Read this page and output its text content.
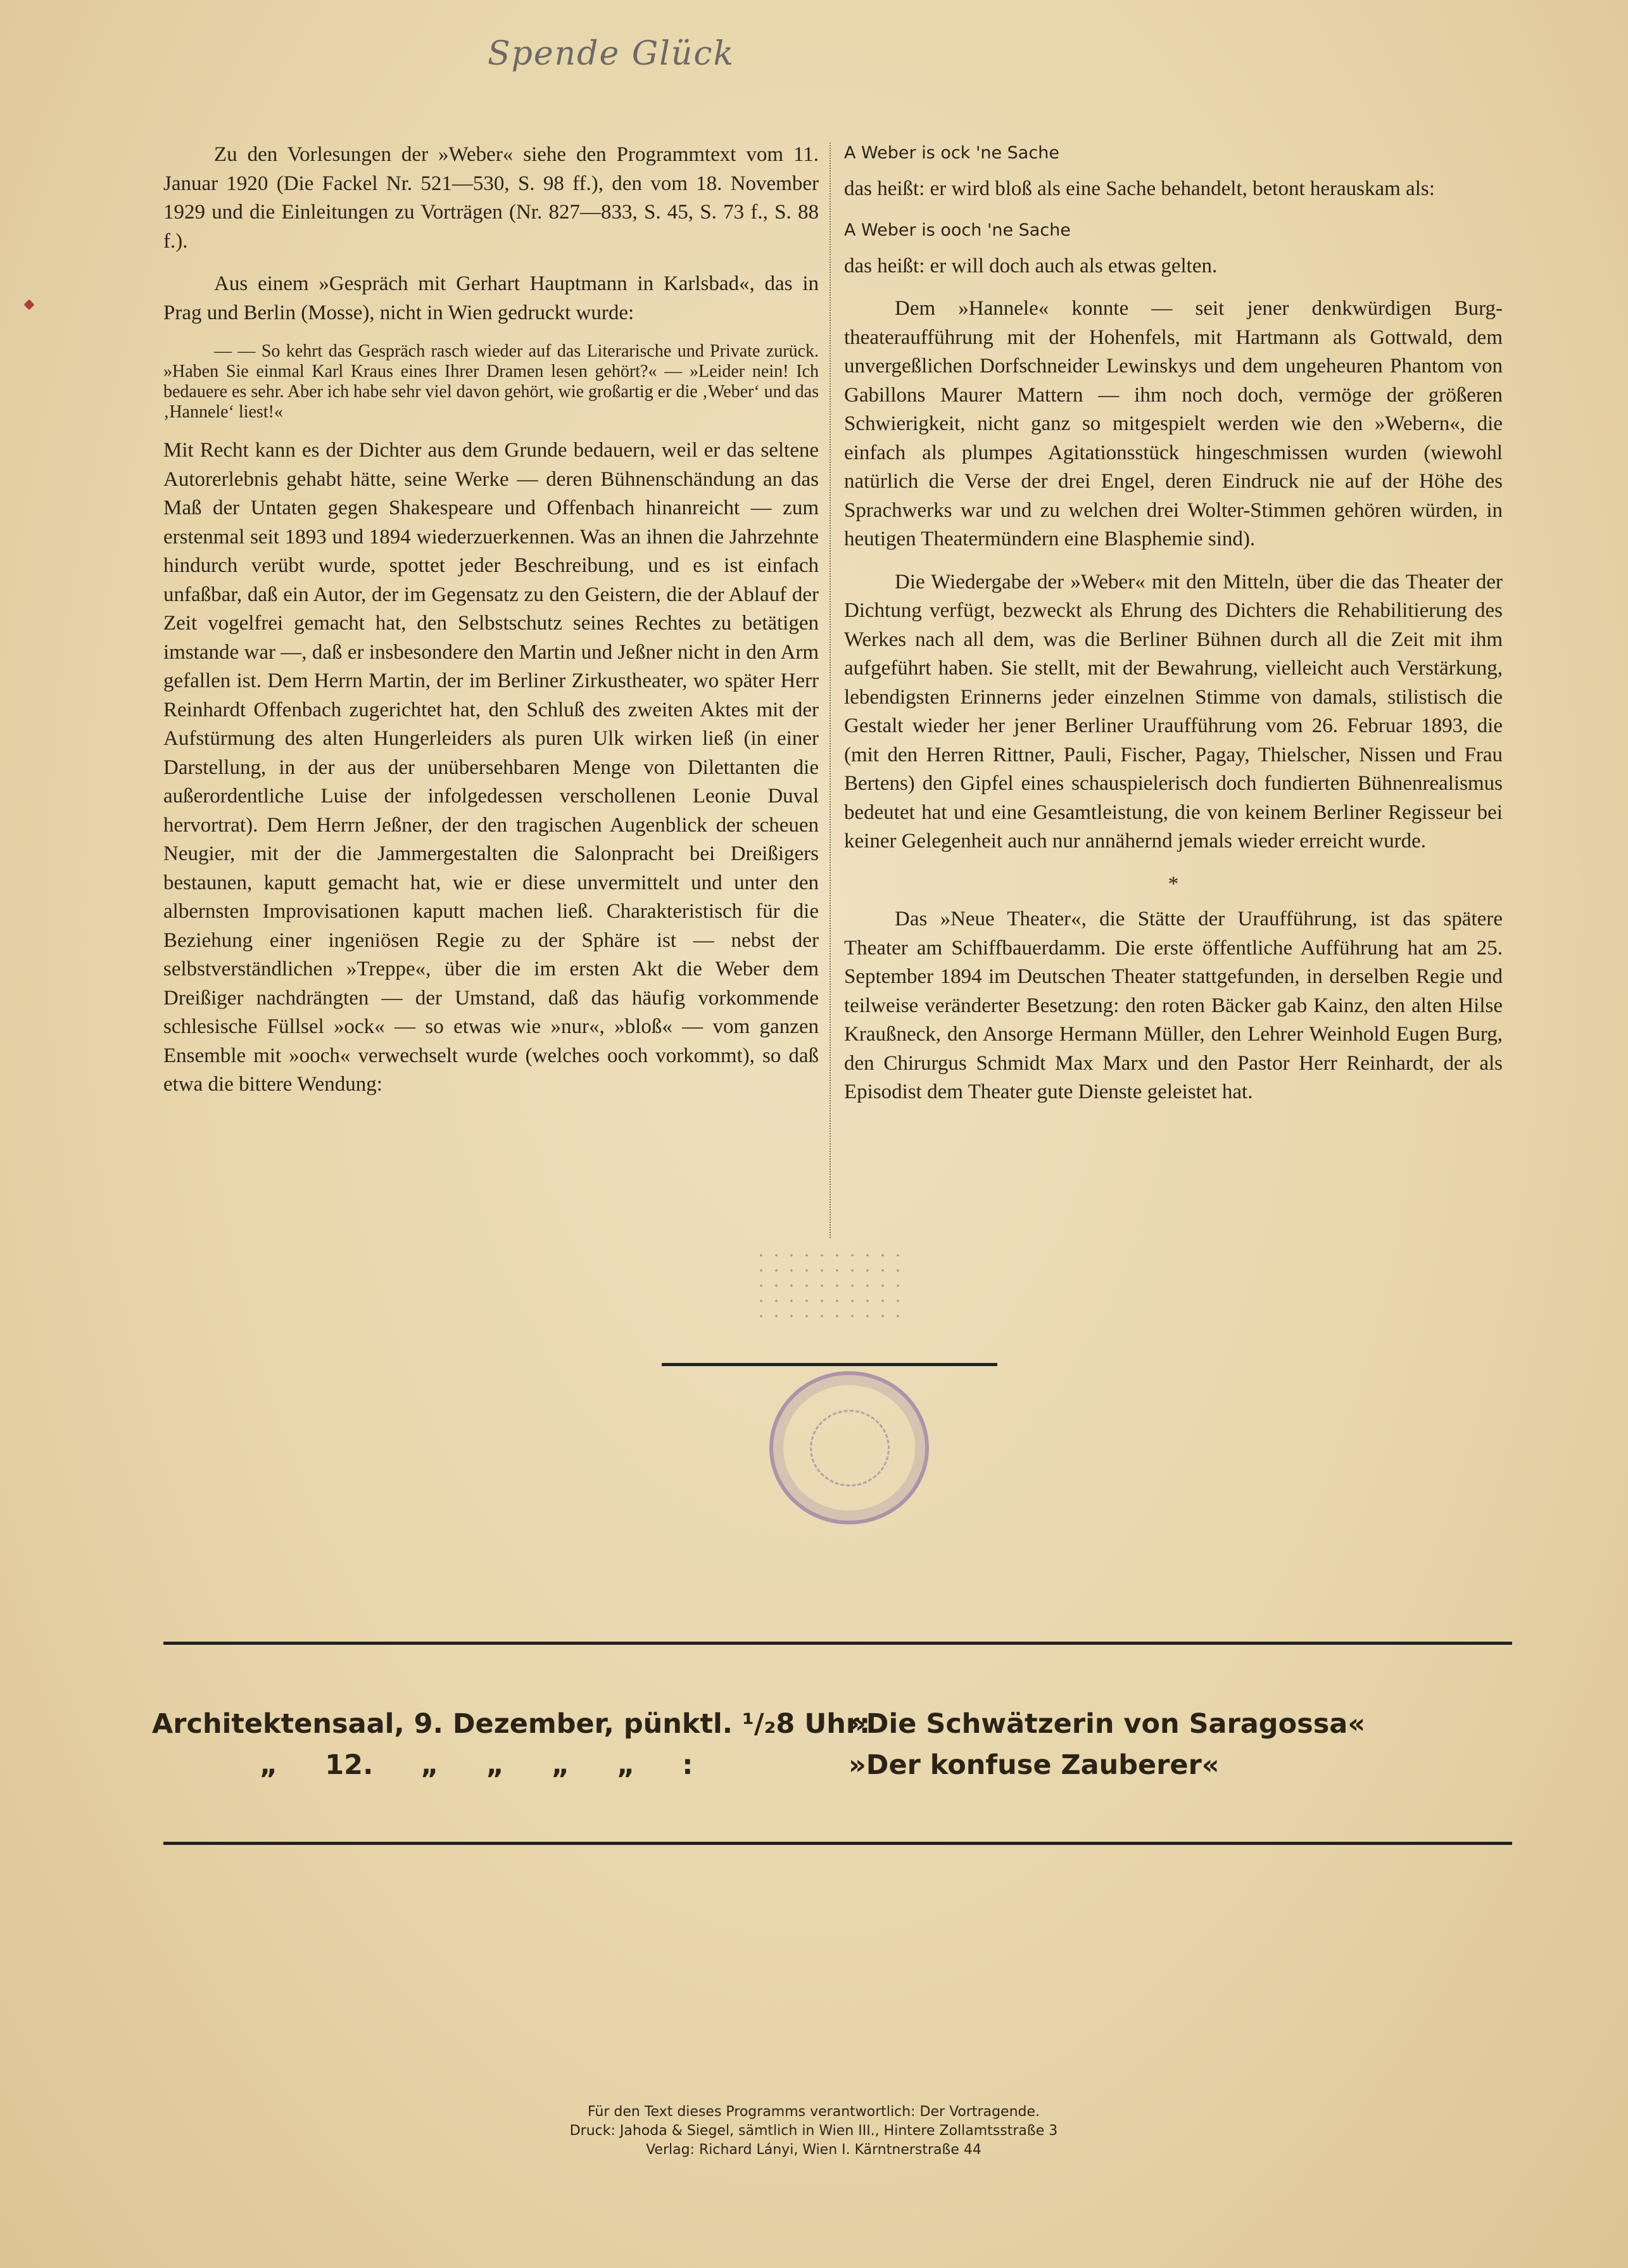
Spende Glück

Zu den Vorlesungen der »Weber« siehe den Programmtext vom 11. Januar 1920 (Die Fackel Nr. 521—530, S. 98 ff.), den vom 18. November 1929 und die Einleitungen zu Vorträgen (Nr. 827—833, S. 45, S. 73 f., S. 88 f.).

Aus einem »Gespräch mit Gerhart Hauptmann in Karlsbad«, das in Prag und Berlin (Mosse), nicht in Wien gedruckt wurde:

— — So kehrt das Gespräch rasch wieder auf das Literarische und Private zurück. »Haben Sie einmal Karl Kraus eines Ihrer Dramen lesen gehört?« — »Leider nein! Ich bedauere es sehr. Aber ich habe sehr viel davon gehört, wie großartig er die ‚Weber‘ und das ‚Hannele‘ liest!«

Mit Recht kann es der Dichter aus dem Grunde bedauern, weil er das seltene Autorerlebnis gehabt hätte, seine Werke — deren Bühnenschändung an das Maß der Untaten gegen Shakespeare und Offenbach hinanreicht — zum erstenmal seit 1893 und 1894 wiederzuerkennen. Was an ihnen die Jahrzehnte hindurch verübt wurde, spottet jeder Beschreibung, und es ist einfach unfaßbar, daß ein Autor, der im Gegensatz zu den Geistern, die der Ablauf der Zeit vogelfrei gemacht hat, den Selbstschutz seines Rechtes zu betätigen imstande war —, daß er insbesondere den Martin und Jeßner nicht in den Arm gefallen ist. Dem Herrn Martin, der im Berliner Zirkustheater, wo später Herr Reinhardt Offenbach zugerichtet hat, den Schluß des zweiten Aktes mit der Aufstürmung des alten Hungerleiders als puren Ulk wirken ließ (in einer Darstellung, in der aus der unübersehbaren Menge von Dilettanten die außerordentliche Luise der infolgedessen verschollenen Leonie Duval hervortrat). Dem Herrn Jeßner, der den tragischen Augenblick der scheuen Neugier, mit der die Jammergestalten die Salonpracht bei Dreißigers bestaunen, kaputt gemacht hat, wie er diese unvermittelt und unter den albernsten Improvisationen kaputt machen ließ. Charakteristisch für die Beziehung einer ingeniösen Regie zu der Sphäre ist — nebst der selbstverständlichen »Treppe«, über die im ersten Akt die Weber dem Dreißiger nachdrängten — der Umstand, daß das häufig vorkommende schlesische Füllsel »ock« — so etwas wie »nur«, »bloß« — vom ganzen Ensemble mit »ooch« verwechselt wurde (welches ooch vorkommt), so daß etwa die bittere Wendung:

A Weber is ock 'ne Sache

das heißt: er wird bloß als eine Sache behandelt, betont herauskam als:

A Weber is ooch 'ne Sache

das heißt: er will doch auch als etwas gelten.

Dem »Hannele« konnte — seit jener denkwürdigen Burgtheateraufführung mit der Hohenfels, mit Hartmann als Gottwald, dem unvergeßlichen Dorfschneider Lewinskys und dem ungeheuren Phantom von Gabillons Maurer Mattern — ihm noch doch, vermöge der größeren Schwierigkeit, nicht ganz so mitgespielt werden wie den »Webern«, die einfach als plumpes Agitationsstück hingeschmissen wurden (wiewohl natürlich die Verse der drei Engel, deren Eindruck nie auf der Höhe des Sprachwerks war und zu welchen drei Wolter-Stimmen gehören würden, in heutigen Theatermündern eine Blasphemie sind).

Die Wiedergabe der »Weber« mit den Mitteln, über die das Theater der Dichtung verfügt, bezweckt als Ehrung des Dichters die Rehabilitierung des Werkes nach all dem, was die Berliner Bühnen durch all die Zeit mit ihm aufgeführt haben. Sie stellt, mit der Bewahrung, vielleicht auch Verstärkung, lebendigsten Erinnerns jeder einzelnen Stimme von damals, stilistisch die Gestalt wieder her jener Berliner Uraufführung vom 26. Februar 1893, die (mit den Herren Rittner, Pauli, Fischer, Pagay, Thielscher, Nissen und Frau Bertens) den Gipfel eines schauspielerisch doch fundierten Bühnenrealismus bedeutet hat und eine Gesamtleistung, die von keinem Berliner Regisseur bei keiner Gelegenheit auch nur annähernd jemals wieder erreicht wurde.

*

Das »Neue Theater«, die Stätte der Uraufführung, ist das spätere Theater am Schiffbauerdamm. Die erste öffentliche Aufführung hat am 25. September 1894 im Deutschen Theater stattgefunden, in derselben Regie und teilweise veränderter Besetzung: den roten Bäcker gab Kainz, den alten Hilse Kraußneck, den Ansorge Hermann Müller, den Lehrer Weinhold Eugen Burg, den Chirurgus Schmidt Max Marx und den Pastor Herr Reinhardt, der als Episodist dem Theater gute Dienste geleistet hat.

Architektensaal, 9. Dezember, pünktl. ¹/₂8 Uhr:
»Die Schwätzerin von Saragossa«
„ 12. „ „ „ „ :	»Der konfuse Zauberer«
Für den Text dieses Programms verantwortlich: Der Vortragende.
Druck: Jahoda & Siegel, sämtlich in Wien III., Hintere Zollamtsstraße 3
Verlag: Richard Lányi, Wien I. Kärntnerstraße 44
